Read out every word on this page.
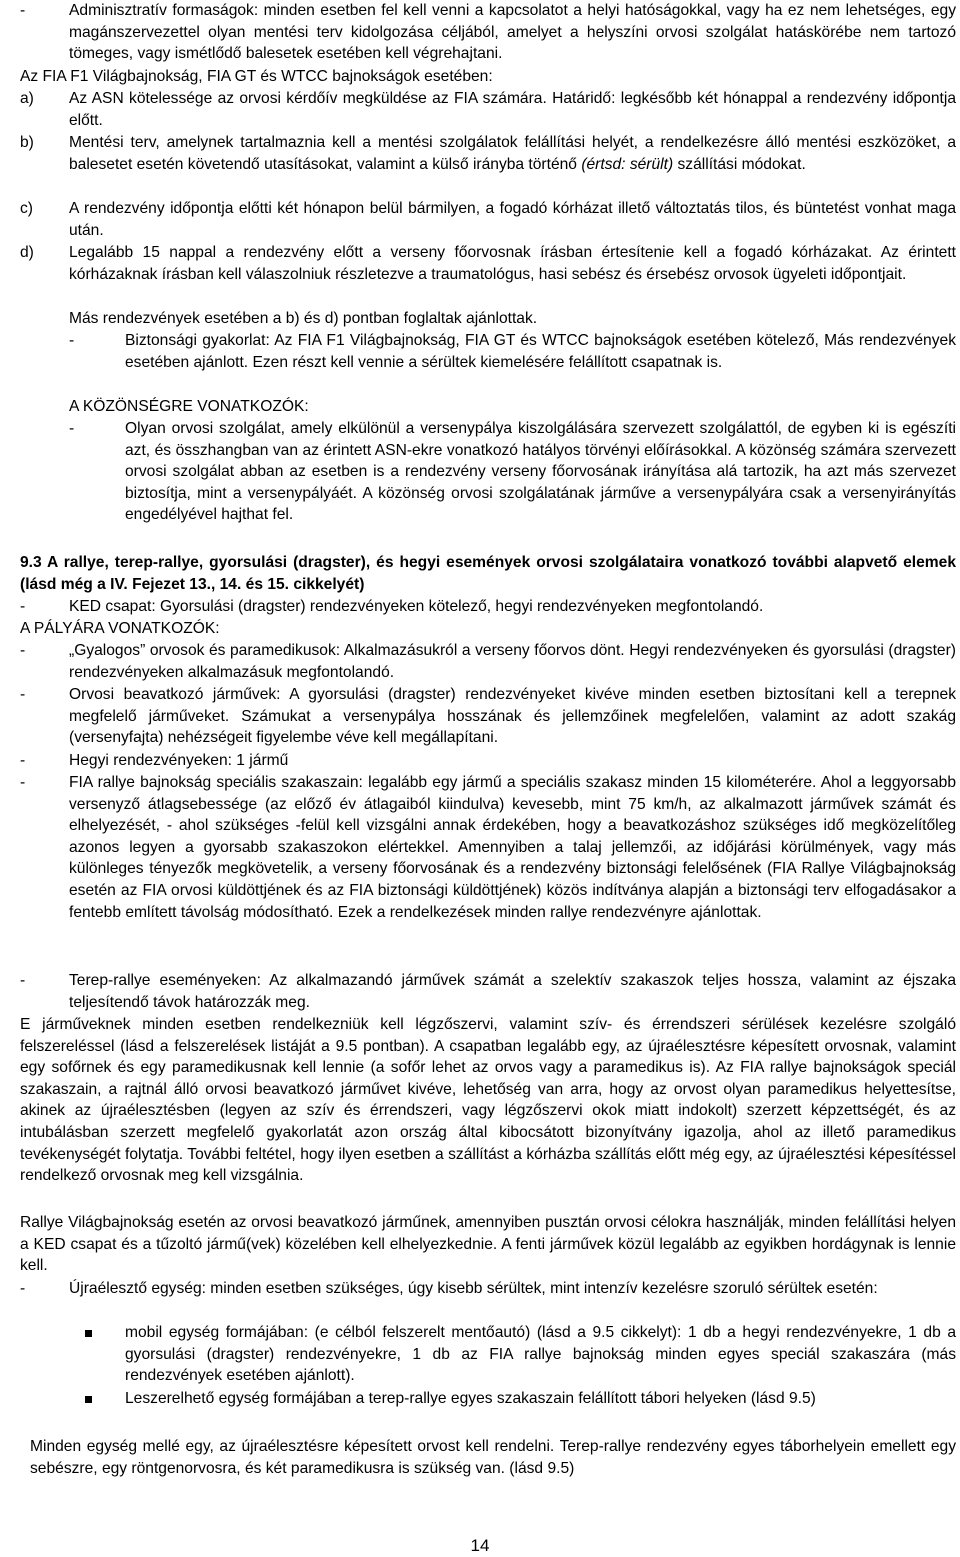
-	Adminisztratív formaságok: minden esetben fel kell venni a kapcsolatot a helyi hatóságokkal, vagy ha ez nem lehetséges, egy magánszervezettel olyan mentési terv kidolgozása céljából, amelyet a helyszíni orvosi szolgálat hatáskörébe nem tartozó tömeges, vagy ismétlődő balesetek esetében kell végrehajtani.

Az FIA F1 Világbajnokság, FIA GT és WTCC bajnokságok esetében:

a)	Az ASN kötelessége az orvosi kérdőív megküldése az FIA számára. Határidő: legkésőbb két hónappal a rendezvény időpontja előtt.

b)	Mentési terv, amelynek tartalmaznia kell a mentési szolgálatok felállítási helyét, a rendelkezésre álló mentési eszközöket, a balesetet esetén követendő utasításokat, valamint a külső irányba történő (értsd: sérült) szállítási módokat.

c)	A rendezvény időpontja előtti két hónapon belül bármilyen, a fogadó kórházat illető változtatás tilos, és büntetést vonhat maga után.

d)	Legalább 15 nappal a rendezvény előtt a verseny főorvosnak írásban értesítenie kell a fogadó kórházakat. Az érintett kórházaknak írásban kell válaszolniuk részletezve a traumatológus, hasi sebész és érsebész orvosok ügyeleti időpontjait.

Más rendezvények esetében a b) és d) pontban foglaltak ajánlottak.

-	Biztonsági gyakorlat: Az FIA F1 Világbajnokság, FIA GT és WTCC bajnokságok esetében kötelező, Más rendezvények esetében ajánlott. Ezen részt kell vennie a sérültek kiemelésére felállított csapatnak is.

A KÖZÖNSÉGRE VONATKOZÓK:

-	Olyan orvosi szolgálat, amely elkülönül a versenypálya kiszolgálására szervezett szolgálattól, de egyben ki is egészíti azt, és összhangban van az érintett ASN-ekre vonatkozó hatályos törvényi előírásokkal. A közönség számára szervezett orvosi szolgálat abban az esetben is a rendezvény verseny főorvosának irányítása alá tartozik, ha azt más szervezet biztosítja, mint a versenypályáét. A közönség orvosi szolgálatának járműve a versenypályára csak a versenyirányítás engedélyével hajthat fel.

9.3 A rallye, terep-rallye, gyorsulási (dragster), és hegyi események orvosi szolgálataira vonatkozó további alapvető elemek (lásd még a IV. Fejezet 13., 14. és 15. cikkelyét)

-	KED csapat: Gyorsulási (dragster) rendezvényeken kötelező, hegyi rendezvényeken megfontolandó.

A PÁLYÁRA VONATKOZÓK:

-	„Gyalogos” orvosok és paramedikusok: Alkalmazásukról a verseny főorvos dönt. Hegyi rendezvényeken és gyorsulási (dragster) rendezvényeken alkalmazásuk megfontolandó.

-	Orvosi beavatkozó járművek: A gyorsulási (dragster) rendezvényeket kivéve minden esetben biztosítani kell a terepnek megfelelő járműveket. Számukat a versenypálya hosszának és jellemzőinek megfelelően, valamint az adott szakág (versenyfajta) nehézségeit figyelembe véve kell megállapítani.

-	Hegyi rendezvényeken: 1 jármű

-	FIA rallye bajnokság speciális szakaszain: legalább egy jármű a speciális szakasz minden 15 kilométerére. Ahol a leggyorsabb versenyző átlagsebessége (az előző év átlagaiból kiindulva) kevesebb, mint 75 km/h, az alkalmazott járművek számát és elhelyezését, - ahol szükséges -felül kell vizsgálni annak érdekében, hogy a beavatkozáshoz szükséges idő megközelítőleg azonos legyen a gyorsabb szakaszokon elértekkel. Amennyiben a talaj jellemzői, az időjárási körülmények, vagy más különleges tényezők megkövetelik, a verseny főorvosának és a rendezvény biztonsági felelősének (FIA Rallye Világbajnokság esetén az FIA orvosi küldöttjének és az FIA biztonsági küldöttjének) közös indítványa alapján a biztonsági terv elfogadásakor a fentebb említett távolság módosítható. Ezek a rendelkezések minden rallye rendezvényre ajánlottak.

-	Terep-rallye eseményeken: Az alkalmazandó járművek számát a szelektív szakaszok teljes hossza, valamint az éjszaka teljesítendő távok határozzák meg.

E járműveknek minden esetben rendelkezniük kell légzőszervi, valamint szív- és érrendszeri sérülések kezelésre szolgáló felszereléssel (lásd a felszerelések listáját a 9.5 pontban). A csapatban legalább egy, az újraélesztésre képesített orvosnak, valamint egy sofőrnek és egy paramedikusnak kell lennie (a sofőr lehet az orvos vagy a paramedikus is). Az FIA rallye bajnokságok speciál szakaszain, a rajtnál álló orvosi beavatkozó járművet kivéve, lehetőség van arra, hogy az orvost olyan paramedikus helyettesítse, akinek az újraélesztésben (legyen az szív és érrendszeri, vagy légzőszervi okok miatt indokolt) szerzett képzettségét, és az intubálásban szerzett megfelelő gyakorlatát azon ország által kibocsátott bizonyítvány igazolja, ahol az illető paramedikus tevékenységét folytatja. További feltétel, hogy ilyen esetben a szállítást a kórházba szállítás előtt még egy, az újraélesztési képesítéssel rendelkező orvosnak meg kell vizsgálnia.

Rallye Világbajnokság esetén az orvosi beavatkozó járműnek, amennyiben pusztán orvosi célokra használják, minden felállítási helyen a KED csapat és a tűzoltó jármű(vek) közelében kell elhelyezkednie. A fenti járművek közül legalább az egyikben hordágynak is lennie kell.

-	Újraélesztő egység: minden esetben szükséges, úgy kisebb sérültek, mint intenzív kezelésre szoruló sérültek esetén:

mobil egység formájában: (e célból felszerelt mentőautó) (lásd a 9.5 cikkelyt): 1 db a hegyi rendezvényekre, 1 db a gyorsulási (dragster) rendezvényekre, 1 db az FIA rallye bajnokság minden egyes speciál szakaszára (más rendezvények esetében ajánlott).

Leszerelhető egység formájában a terep-rallye egyes szakaszain felállított tábori helyeken (lásd 9.5)

Minden egység mellé egy, az újraélesztésre képesített orvost kell rendelni. Terep-rallye rendezvény egyes táborhelyein emellett egy sebészre, egy röntgenorvosra, és két paramedikusra is szükség van. (lásd 9.5)

14
